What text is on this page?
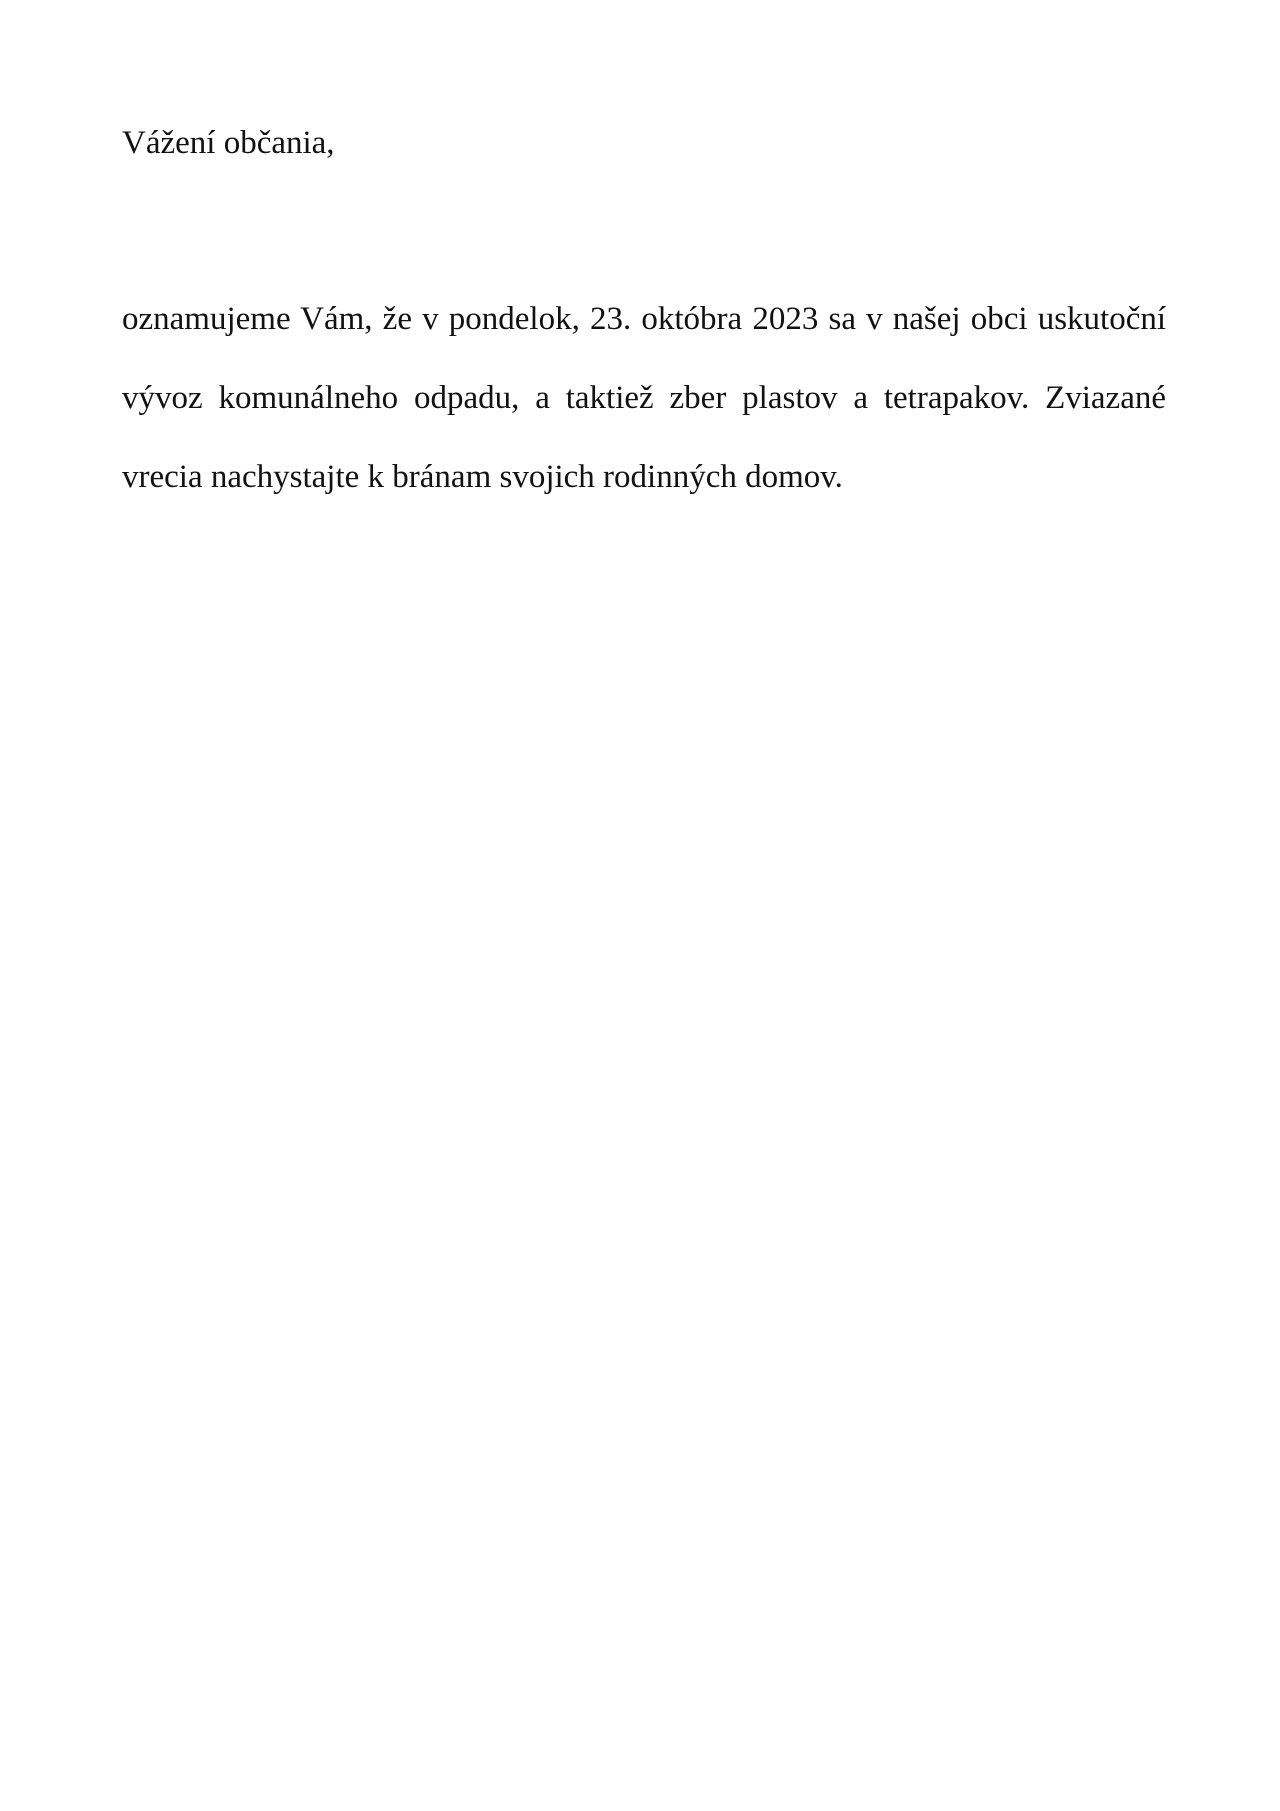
Vážení občania,
oznamujeme Vám, že v pondelok, 23. októbra 2023 sa v našej obci uskutoční vývoz komunálneho odpadu, a taktiež zber plastov a tetrapakov. Zviazané vrecia nachystajte k bránam svojich rodinných domov.
